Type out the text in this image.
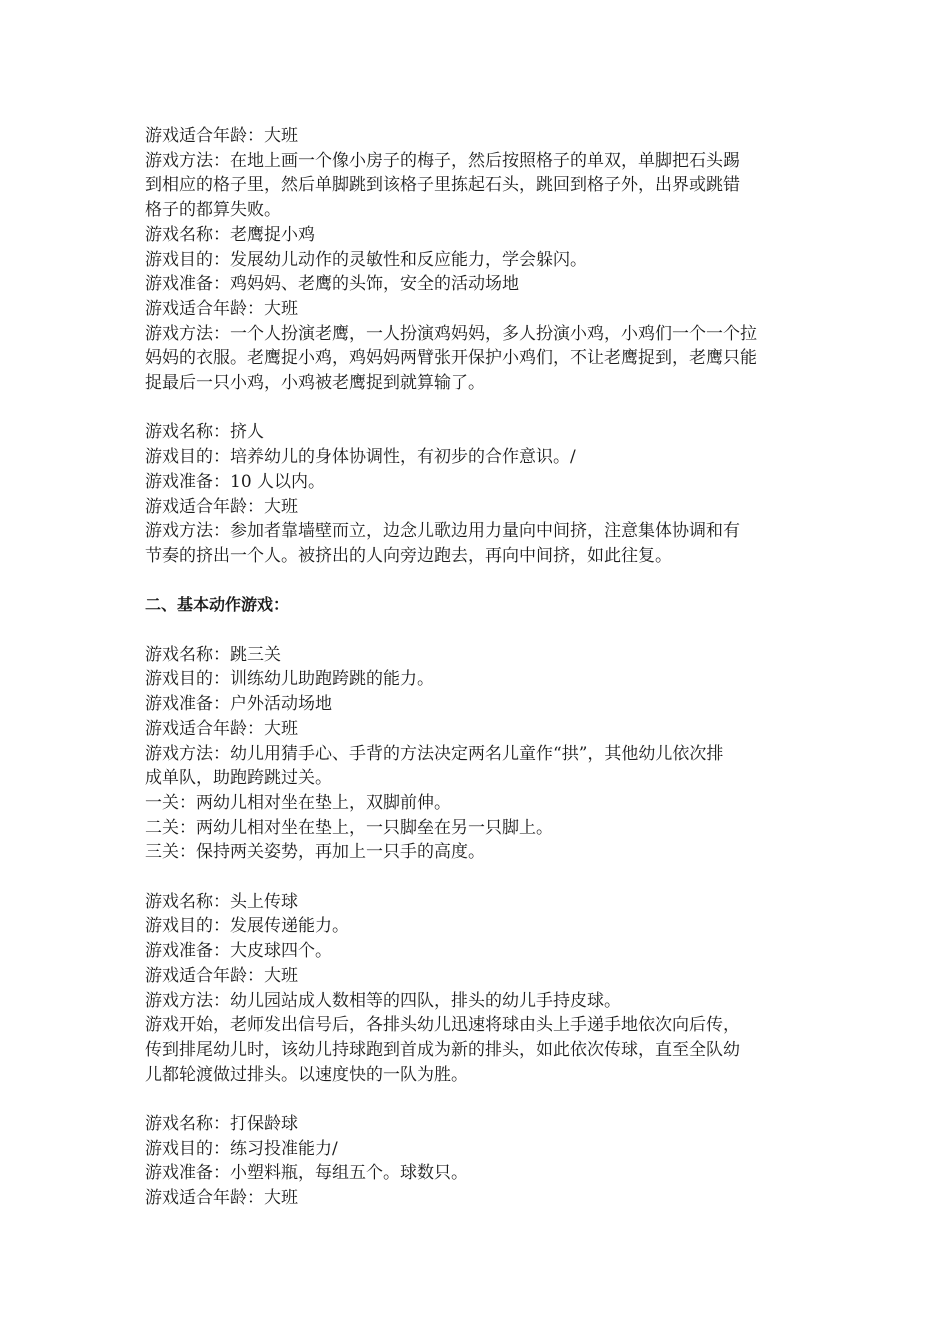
游戏适合年龄：大班
游戏方法：在地上画一个像小房子的梅子，然后按照格子的单双，单脚把石头踢
到相应的格子里，然后单脚跳到该格子里拣起石头，跳回到格子外，出界或跳错
格子的都算失败。
游戏名称：老鹰捉小鸡
游戏目的：发展幼儿动作的灵敏性和反应能力，学会躲闪。
游戏准备：鸡妈妈、老鹰的头饰，安全的活动场地
游戏适合年龄：大班
游戏方法：一个人扮演老鹰，一人扮演鸡妈妈，多人扮演小鸡，小鸡们一个一个拉
妈妈的衣服。老鹰捉小鸡，鸡妈妈两臂张开保护小鸡们，不让老鹰捉到，老鹰只能
捉最后一只小鸡，小鸡被老鹰捉到就算输了。
游戏名称：挤人
游戏目的：培养幼儿的身体协调性，有初步的合作意识。/
游戏准备：10 人以内。
游戏适合年龄：大班
游戏方法：参加者靠墙壁而立，边念儿歌边用力量向中间挤，注意集体协调和有
节奏的挤出一个人。被挤出的人向旁边跑去，再向中间挤，如此往复。
二、基本动作游戏：
游戏名称：跳三关
游戏目的：训练幼儿助跑跨跳的能力。
游戏准备：户外活动场地
游戏适合年龄：大班
游戏方法：幼儿用猜手心、手背的方法决定两名儿童作“拱”，其他幼儿依次排
成单队，助跑跨跳过关。
一关：两幼儿相对坐在垫上，双脚前伸。
二关：两幼儿相对坐在垫上，一只脚垒在另一只脚上。
三关：保持两关姿势，再加上一只手的高度。
游戏名称：头上传球
游戏目的：发展传递能力。
游戏准备：大皮球四个。
游戏适合年龄：大班
游戏方法：幼儿园站成人数相等的四队，排头的幼儿手持皮球。
游戏开始，老师发出信号后，各排头幼儿迅速将球由头上手递手地依次向后传，
传到排尾幼儿时，该幼儿持球跑到首成为新的排头，如此依次传球，直至全队幼
儿都轮渡做过排头。以速度快的一队为胜。
游戏名称：打保龄球
游戏目的：练习投准能力/
游戏准备：小塑料瓶，每组五个。球数只。
游戏适合年龄：大班
